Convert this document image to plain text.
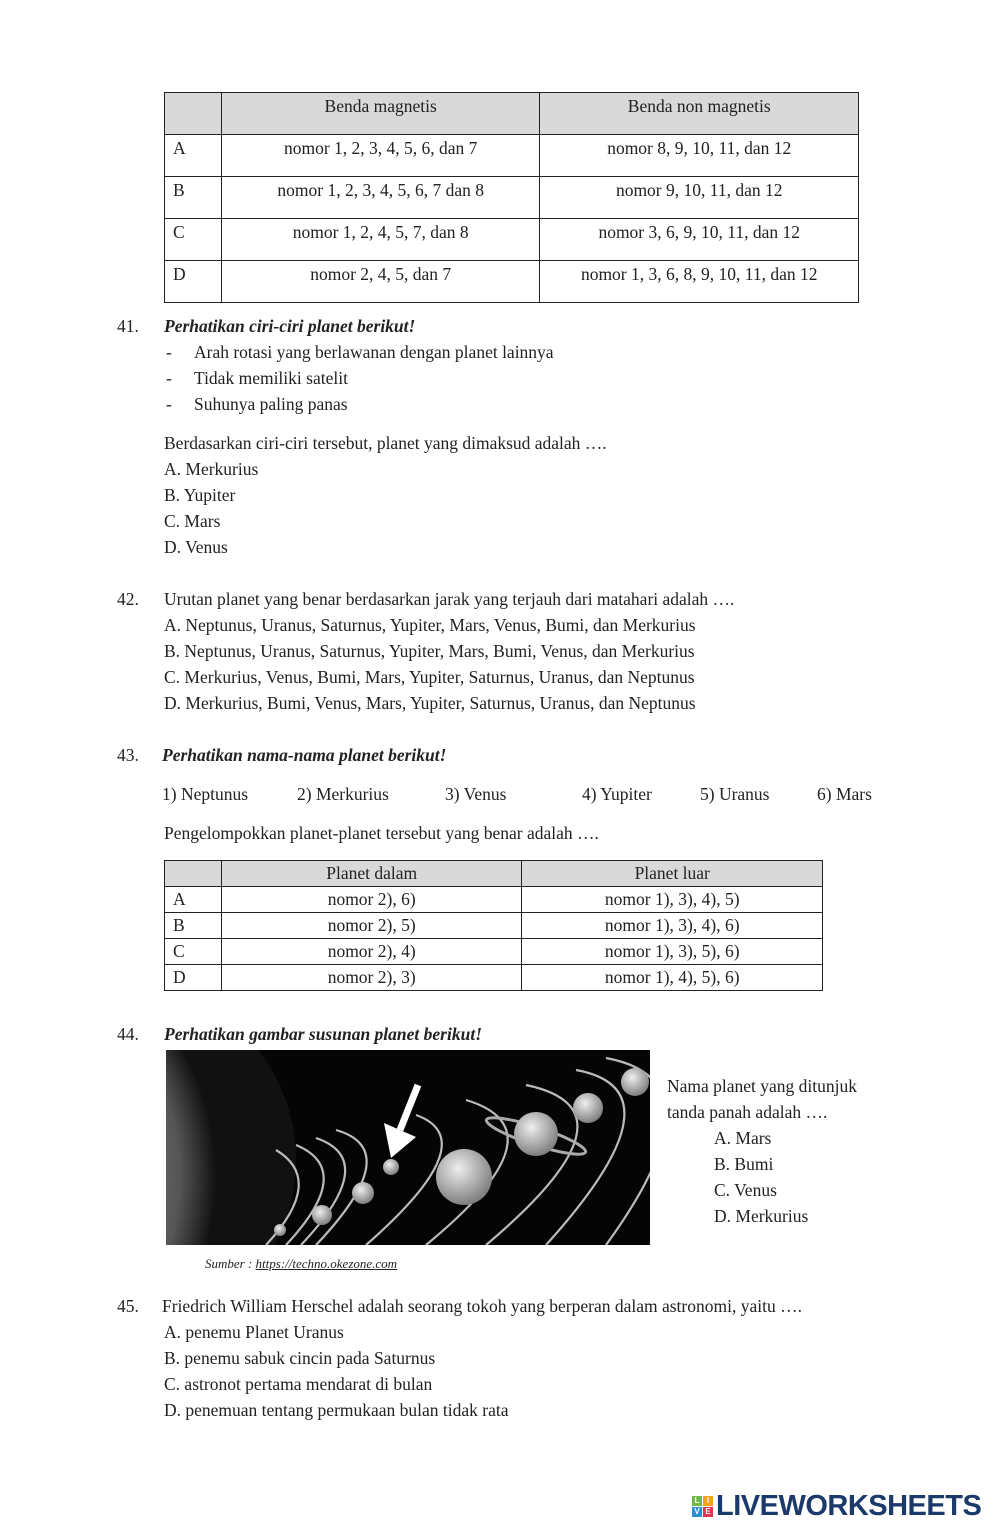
	Benda magnetis	Benda non magnetis
A	nomor 1, 2, 3, 4, 5, 6, dan 7	nomor 8, 9, 10, 11, dan 12
B	nomor 1, 2, 3, 4, 5, 6, 7 dan 8	nomor 9, 10, 11, dan 12
C	nomor 1, 2, 4, 5, 7, dan 8	nomor 3, 6, 9, 10, 11, dan 12
D	nomor 2, 4, 5, dan 7	nomor 1, 3, 6, 8, 9, 10, 11, dan 12
41. Perhatikan ciri-ciri planet berikut!
- Arah rotasi yang berlawanan dengan planet lainnya
- Tidak memiliki satelit
- Suhunya paling panas
Berdasarkan ciri-ciri tersebut, planet yang dimaksud adalah ….
A. Merkurius
B. Yupiter
C. Mars
D. Venus
42. Urutan planet yang benar berdasarkan jarak yang terjauh dari matahari adalah ….
A. Neptunus, Uranus, Saturnus, Yupiter, Mars, Venus, Bumi, dan Merkurius
B. Neptunus, Uranus, Saturnus, Yupiter, Mars, Bumi, Venus, dan Merkurius
C. Merkurius, Venus, Bumi, Mars, Yupiter, Saturnus, Uranus, dan Neptunus
D. Merkurius, Bumi, Venus, Mars, Yupiter, Saturnus, Uranus, dan Neptunus
43. Perhatikan nama-nama planet berikut!
1) Neptunus	2) Merkurius	3) Venus	4) Yupiter	5) Uranus	6) Mars
Pengelompokkan planet-planet tersebut yang benar adalah ….
	Planet dalam	Planet luar
A	nomor 2), 6)	nomor 1), 3), 4), 5)
B	nomor 2), 5)	nomor 1), 3), 4), 6)
C	nomor 2), 4)	nomor 1), 3), 5), 6)
D	nomor 2), 3)	nomor 1), 4), 5), 6)
44. Perhatikan gambar susunan planet berikut!
Sumber : https://techno.okezone.com
Nama planet yang ditunjuk
tanda panah adalah ….
A. Mars
B. Bumi
C. Venus
D. Merkurius
45. Friedrich William Herschel adalah seorang tokoh yang berperan dalam astronomi, yaitu ….
A. penemu Planet Uranus
B. penemu sabuk cincin pada Saturnus
C. astronot pertama mendarat di bulan
D. penemuan tentang permukaan bulan tidak rata
L I
V E LIVEWORKSHEETS
